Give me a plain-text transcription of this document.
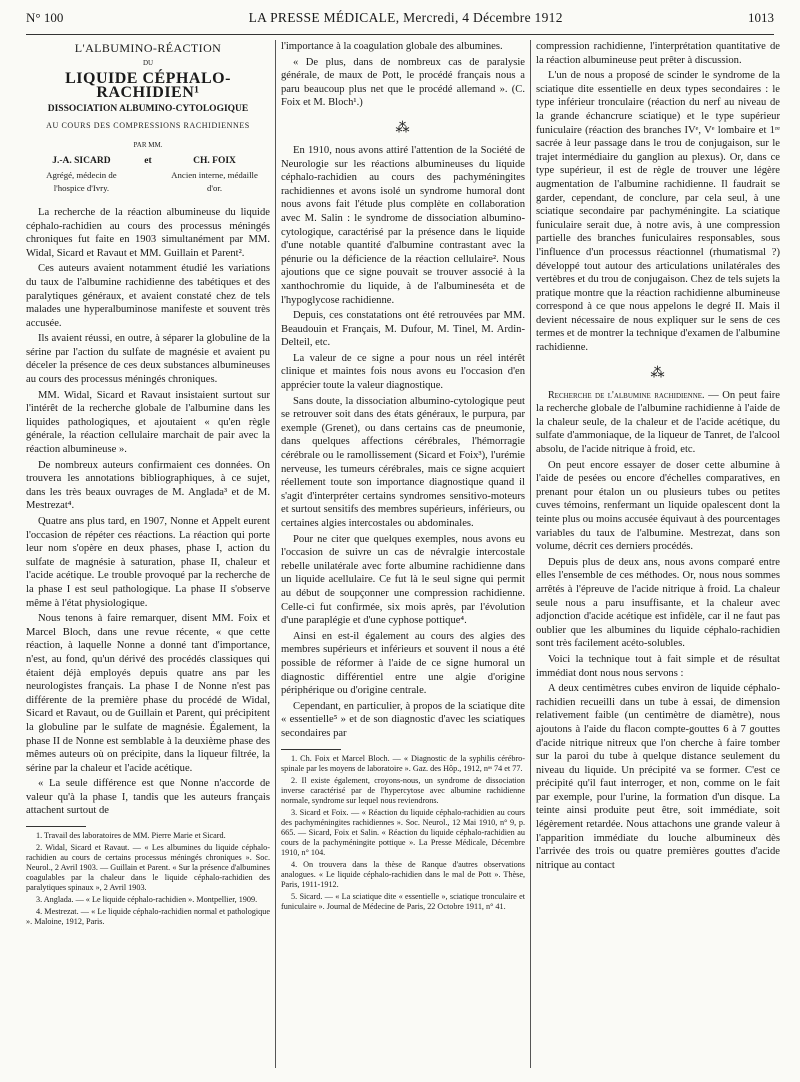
N° 100	LA PRESSE MÉDICALE, Mercredi, 4 Décembre 1912	1013
L'ALBUMINO-RÉACTION
DU
LIQUIDE CÉPHALO-RACHIDIEN¹
DISSOCIATION ALBUMINO-CYTOLOGIQUE
AU COURS DES COMPRESSIONS RACHIDIENNES
PAR MM.
J.-A. SICARD
Agrégé, médecin de l'hospice d'Ivry.
et	CH. FOIX
Ancien interne, médaille d'or.

La recherche de la réaction albumineuse du liquide céphalo-rachidien au cours des processus méningés chroniques fut faite en 1903 simultanément par MM. Widal, Sicard et Ravaut et MM. Guillain et Parent².

Ces auteurs avaient notamment étudié les variations du taux de l'albumine rachidienne des tabétiques et des paralytiques généraux, et avaient constaté chez de tels malades une hyperalbuminose manifeste et souvent très accusée.

Ils avaient réussi, en outre, à séparer la globuline de la sérine par l'action du sulfate de magnésie et avaient pu déceler la présence de ces deux substances albumineuses au cours des processus méningés chroniques.

MM. Widal, Sicard et Ravaut insistaient surtout sur l'intérêt de la recherche globale de l'albumine dans les liquides pathologiques, et ajoutaient « qu'en règle générale, la réaction cellulaire marchait de pair avec la réaction albumineuse ».

De nombreux auteurs confirmaient ces données. On trouvera les annotations bibliographiques, à ce sujet, dans les très beaux ouvrages de M. Anglada³ et de M. Mestrezat⁴.

Quatre ans plus tard, en 1907, Nonne et Appelt eurent l'occasion de répéter ces réactions. La réaction qui porte leur nom s'opère en deux phases, phase I, action du sulfate de magnésie à saturation, phase II, chaleur et l'acide acétique. Le trouble provoqué par la recherche de la phase I est seul pathologique. La phase II s'observe même à l'état physiologique.

Nous tenons à faire remarquer, disent MM. Foix et Marcel Bloch, dans une revue récente, « que cette réaction, à laquelle Nonne a donné tant d'importance, n'est, au fond, qu'un dérivé des procédés classiques qui étaient déjà employés depuis quatre ans par les neurologistes français. La phase I de Nonne n'est pas différente de la première phase du procédé de Widal, Sicard et Ravaut, ou de Guillain et Parent, qui précipitent la globuline par le sulfate de magnésie. Également, la phase II de Nonne est semblable à la deuxième phase des mêmes auteurs où on précipite, dans la liqueur filtrée, la sérine par la chaleur et l'acide acétique.

« La seule différence est que Nonne n'accorde de valeur qu'à la phase I, tandis que les auteurs français attachent surtout de

1. Travail des laboratoires de MM. Pierre Marie et Sicard.

2. Widal, Sicard et Ravaut. — « Les albumines du liquide céphalo-rachidien au cours de certains processus méningés chroniques ». Soc. Neurol., 2 Avril 1903. — Guillain et Parent. « Sur la présence d'albumines coagulables par la chaleur dans le liquide céphalo-rachidien des paralytiques spinaux », 2 Avril 1903.

3. Anglada. — « Le liquide céphalo-rachidien ». Montpellier, 1909.

4. Mestrezat. — « Le liquide céphalo-rachidien normal et pathologique ». Maloine, 1912, Paris.

l'importance à la coagulation globale des albumines.

« De plus, dans de nombreux cas de paralysie générale, de maux de Pott, le procédé français nous a paru beaucoup plus net que le procédé allemand ». (C. Foix et M. Bloch¹.)

⁂

En 1910, nous avons attiré l'attention de la Société de Neurologie sur les réactions albumineuses du liquide céphalo-rachidien au cours des pachyméningites rachidiennes et avons isolé un syndrome humoral dont nous avons fait l'étude plus complète en collaboration avec M. Salin : le syndrome de dissociation albumino-cytologique, caractérisé par la présence dans le liquide d'une notable quantité d'albumine contrastant avec la pénurie ou la déficience de la réaction cellulaire². Nous ajoutions que ce signe pouvait se trouver associé à la xanthochromie du liquide, à de l'albumineséta et de l'hypoglycose rachidienne.

Depuis, ces constatations ont été retrouvées par MM. Beaudouin et Français, M. Dufour, M. Tinel, M. Ardin-Delteil, etc.

La valeur de ce signe a pour nous un réel intérêt clinique et maintes fois nous avons eu l'occasion d'en apprécier toute la valeur diagnostique.

Sans doute, la dissociation albumino-cytologique peut se retrouver soit dans des états généraux, le purpura, par exemple (Grenet), ou dans certains cas de pneumonie, dans quelques affections cérébrales, l'hémorragie cérébrale ou le ramollissement (Sicard et Foix³), l'urémie nerveuse, les tumeurs cérébrales, mais ce signe acquiert réellement toute son importance diagnostique quand il s'agit d'interpréter certains syndromes sensitivo-moteurs et surtout sensitifs des membres supérieurs, inférieurs, ou certaines algies intercostales ou abdominales.

Pour ne citer que quelques exemples, nous avons eu l'occasion de suivre un cas de névralgie intercostale rebelle unilatérale avec forte albumine rachidienne dans un liquide acellulaire. Ce fut là le seul signe qui permit au début de soupçonner une compression rachidienne. Celle-ci fut confirmée, six mois après, par l'évolution d'une paraplégie et d'une cyphose pottique⁴.

Ainsi en est-il également au cours des algies des membres supérieurs et inférieurs et souvent il nous a été possible de réformer à l'aide de ce signe humoral un diagnostic différentiel entre une algie d'origine périphérique ou d'origine centrale.

Cependant, en particulier, à propos de la sciatique dite « essentielle⁵ » et de son diagnostic d'avec les sciatiques secondaires par

1. Ch. Foix et Marcel Bloch. — « Diagnostic de la syphilis cérébro-spinale par les moyens de laboratoire ». Gaz. des Hôp., 1912, nᵒˢ 74 et 77.

2. Il existe également, croyons-nous, un syndrome de dissociation inverse caractérisé par de l'hypercytose avec albumine rachidienne normale, syndrome sur lequel nous reviendrons.

3. Sicard et Foix. — « Réaction du liquide céphalo-rachidien au cours des pachyméningites rachidiennes ». Soc. Neurol., 12 Mai 1910, n° 9, p. 665. — Sicard, Foix et Salin. « Réaction du liquide céphalo-rachidien au cours de la pachyméningite pottique ». La Presse Médicale, Décembre 1910, n° 104.

4. On trouvera dans la thèse de Ranque d'autres observations analogues. « Le liquide céphalo-rachidien dans le mal de Pott ». Thèse, Paris, 1911-1912.

5. Sicard. — « La sciatique dite « essentielle », sciatique tronculaire et funiculaire ». Journal de Médecine de Paris, 22 Octobre 1911, n° 41.

compression rachidienne, l'interprétation quantitative de la réaction albumineuse peut prêter à discussion.

L'un de nous a proposé de scinder le syndrome de la sciatique dite essentielle en deux types secondaires : le type inférieur tronculaire (réaction du nerf au niveau de la grande échancrure sciatique) et le type supérieur funiculaire (réaction des branches IVᵉ, Vᵉ lombaire et 1ʳᵉ sacrée à leur passage dans le trou de conjugaison, sur le trajet intermédiaire du ganglion au plexus). Or, dans ce type supérieur, il est de règle de trouver une légère augmentation de l'albumine rachidienne. Il faudrait se garder, cependant, de conclure, par cela seul, à une sciatique secondaire par pachyméningite. La sciatique funiculaire serait due, à notre avis, à une compression partielle des branches funiculaires responsables, sous l'influence d'un processus réactionnel (rhumatismal ?) développé tout autour des articulations unilatérales des vertèbres et du trou de conjugaison. Chez de tels sujets la pratique montre que la réaction rachidienne albumineuse correspond à ce que nous appelons le degré II. Mais il devient nécessaire de nous expliquer sur le sens de ces termes et de montrer la technique d'examen de l'albumine rachidienne.

⁂

Recherche de l'albumine rachidienne. — On peut faire la recherche globale de l'albumine rachidienne à l'aide de la chaleur seule, de la chaleur et de l'acide acétique, du sulfate d'ammoniaque, de la liqueur de Tanret, de l'alcool absolu, de l'acide nitrique à froid, etc.

On peut encore essayer de doser cette albumine à l'aide de pesées ou encore d'échelles comparatives, en prenant pour étalon un ou plusieurs tubes ou petites cuves témoins, renfermant un liquide opalescent dont la teinte plus ou moins accusée équivaut à des pourcentages variables du taux de l'albumine. Mestrezat, dans son volume, décrit ces derniers procédés.

Depuis plus de deux ans, nous avons comparé entre elles l'ensemble de ces méthodes. Or, nous nous sommes arrêtés à l'épreuve de l'acide nitrique à froid. La chaleur seule nous a paru insuffisante, et la chaleur avec adjonction d'acide acétique est infidèle, car il ne faut pas oublier que les albumines du liquide céphalo-rachidien sont très facilement acéto-solubles.

Voici la technique tout à fait simple et de résultat immédiat dont nous nous servons :

A deux centimètres cubes environ de liquide céphalo-rachidien recueilli dans un tube à essai, de dimension relativement faible (un centimètre de diamètre), nous ajoutons à l'aide du flacon compte-gouttes 6 à 7 gouttes d'acide nitrique nitreux que l'on cherche à faire tomber sur la paroi du tube à quelque distance seulement du niveau du liquide. Un précipité va se former. C'est ce précipité qu'il faut interroger, et non, comme on le fait par exemple, pour l'urine, la formation d'un disque. La teinte ainsi produite peut être, soit immédiate, soit légèrement retardée. Nous attachons une grande valeur à l'apparition immédiate du louche albumineux dès l'arrivée des trois ou quatre premières gouttes d'acide nitrique au contact
